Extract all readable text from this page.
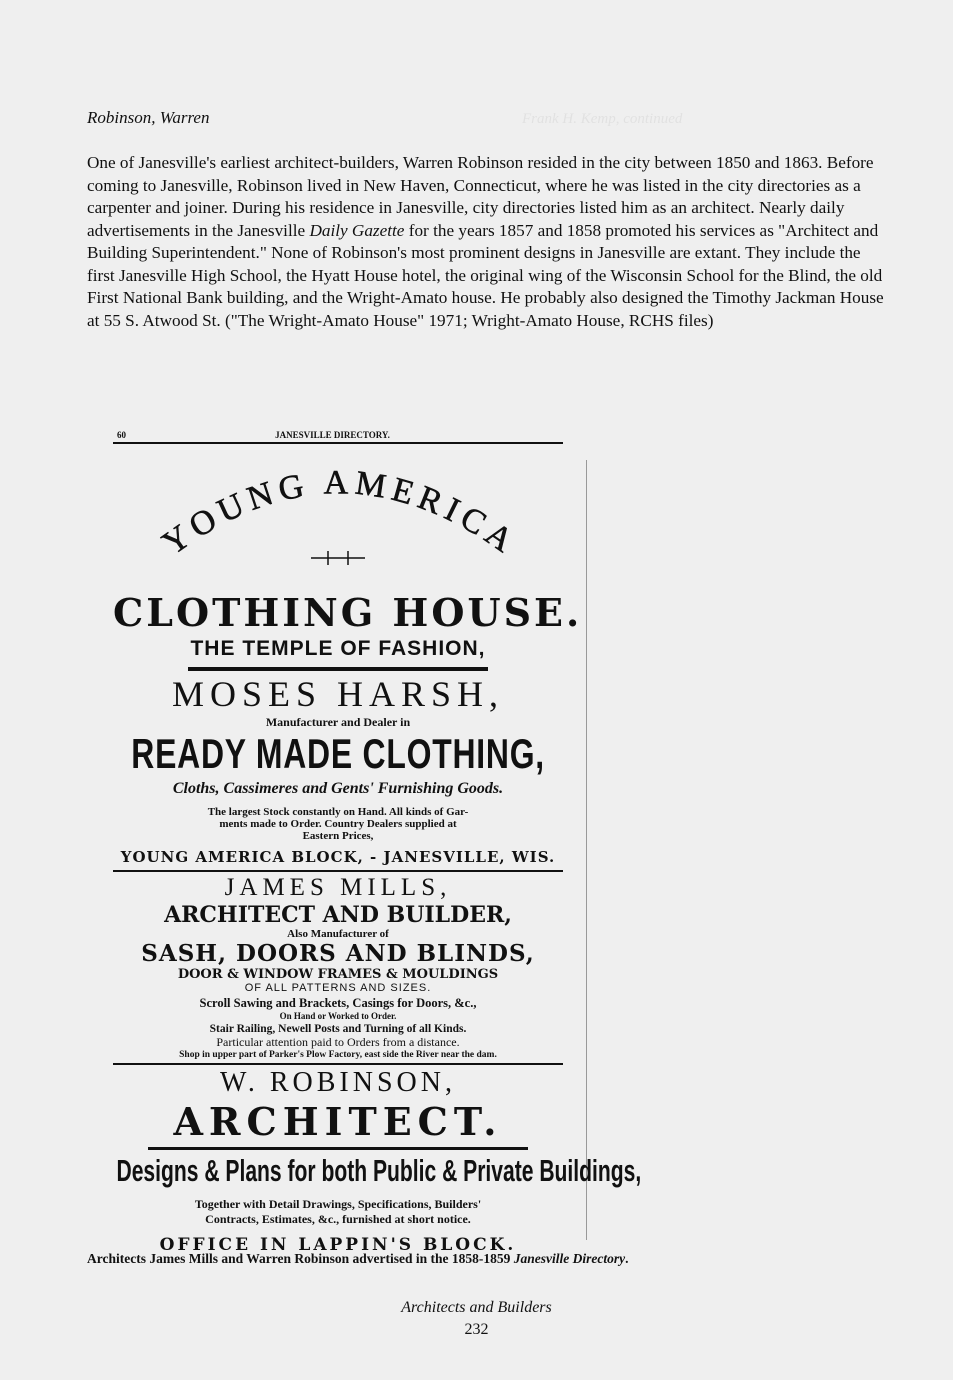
Frank H. Kemp, continued
Robinson, Warren

One of Janesville's earliest architect-builders, Warren Robinson resided in the city between 1850 and 1863. Before coming to Janesville, Robinson lived in New Haven, Connecticut, where he was listed in the city directories as a carpenter and joiner. During his residence in Janesville, city directories listed him as an architect. Nearly daily advertisements in the Janesville Daily Gazette for the years 1857 and 1858 promoted his services as "Architect and Building Superintendent." None of Robinson's most prominent designs in Janesville are extant. They include the first Janesville High School, the Hyatt House hotel, the original wing of the Wisconsin School for the Blind, the old First National Bank building, and the Wright-Amato house. He probably also designed the Timothy Jackman House at 55 S. Atwood St. ("The Wright-Amato House" 1971; Wright-Amato House, RCHS files)

60	JANESVILLE DIRECTORY.
YOUNG AMERICA
CLOTHING HOUSE.
THE TEMPLE OF FASHION,
MOSES HARSH,
Manufacturer and Dealer in
READY MADE CLOTHING,
Cloths, Cassimeres and Gents' Furnishing Goods.
The largest Stock constantly on Hand. All kinds of Gar-
ments made to Order. Country Dealers supplied at
Eastern Prices,
YOUNG AMERICA BLOCK, - JANESVILLE, WIS.
JAMES MILLS,
ARCHITECT AND BUILDER,
Also Manufacturer of
SASH, DOORS AND BLINDS,
DOOR & WINDOW FRAMES & MOULDINGS
OF ALL PATTERNS AND SIZES.
Scroll Sawing and Brackets, Casings for Doors, &c.,
On Hand or Worked to Order.
Stair Railing, Newell Posts and Turning of all Kinds.
Particular attention paid to Orders from a distance.
Shop in upper part of Parker's Plow Factory, east side the River near the dam.
W. ROBINSON,
ARCHITECT.
Designs & Plans for both Public & Private Buildings,
Together with Detail Drawings, Specifications, Builders'
Contracts, Estimates, &c., furnished at short notice.
OFFICE IN LAPPIN'S BLOCK.
Architects James Mills and Warren Robinson advertised in the 1858-1859 Janesville Directory.
Architects and Builders
232
